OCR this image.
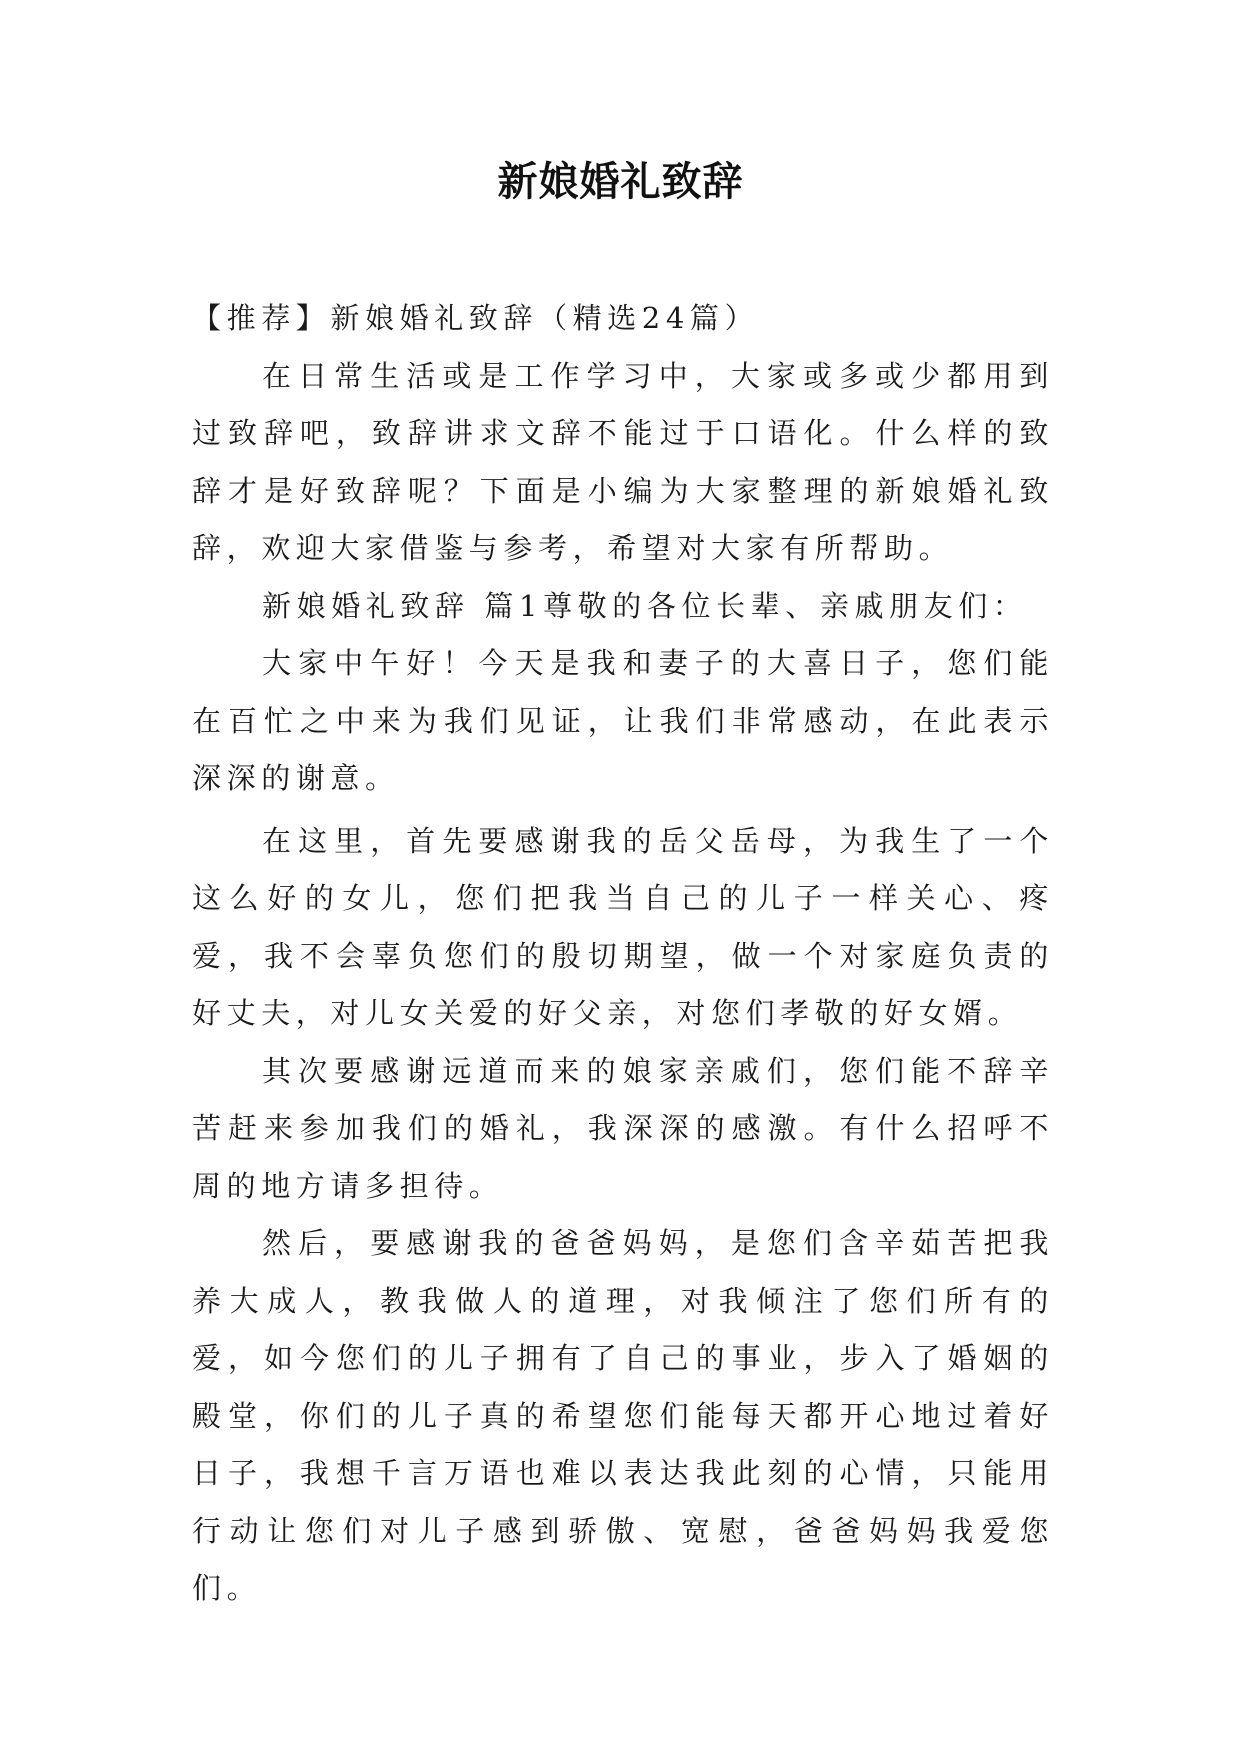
新娘婚礼致辞

【推荐】新娘婚礼致辞（精选24篇）

在日常生活或是工作学习中，大家或多或少都用到过致辞吧，致辞讲求文辞不能过于口语化。什么样的致辞才是好致辞呢？下面是小编为大家整理的新娘婚礼致辞，欢迎大家借鉴与参考，希望对大家有所帮助。

新娘婚礼致辞 篇1尊敬的各位长辈、亲戚朋友们：

大家中午好！今天是我和妻子的大喜日子，您们能在百忙之中来为我们见证，让我们非常感动，在此表示深深的谢意。

在这里，首先要感谢我的岳父岳母，为我生了一个这么好的女儿，您们把我当自己的儿子一样关心、疼爱，我不会辜负您们的殷切期望，做一个对家庭负责的好丈夫，对儿女关爱的好父亲，对您们孝敬的好女婿。

其次要感谢远道而来的娘家亲戚们，您们能不辞辛苦赶来参加我们的婚礼，我深深的感激。有什么招呼不周的地方请多担待。

然后，要感谢我的爸爸妈妈，是您们含辛茹苦把我养大成人，教我做人的道理，对我倾注了您们所有的爱，如今您们的儿子拥有了自己的事业，步入了婚姻的殿堂，你们的儿子真的希望您们能每天都开心地过着好日子，我想千言万语也难以表达我此刻的心情，只能用行动让您们对儿子感到骄傲、宽慰，爸爸妈妈我爱您们。
